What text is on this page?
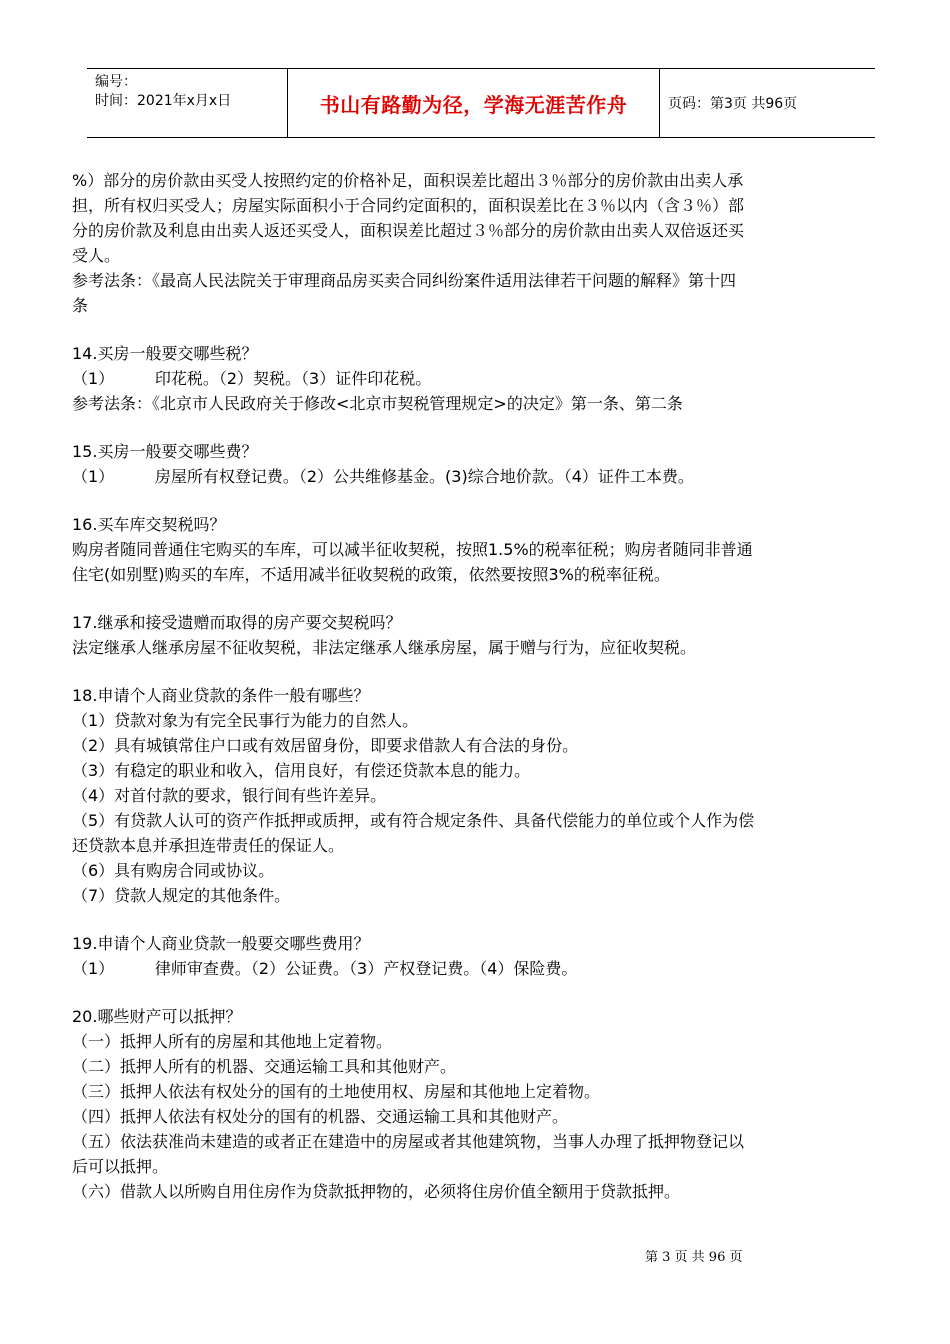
编号：
时间：2021年x月x日	书山有路勤为径，学海无涯苦作舟	页码：第3页 共96页

%）部分的房价款由买受人按照约定的价格补足，面积误差比超出３％部分的房价款由出卖人承

担，所有权归买受人；房屋实际面积小于合同约定面积的，面积误差比在３％以内（含３％）部

分的房价款及利息由出卖人返还买受人，面积误差比超过３％部分的房价款由出卖人双倍返还买

受人。

参考法条：《最高人民法院关于审理商品房买卖合同纠纷案件适用法律若干问题的解释》第十四

条

14.买房一般要交哪些税？

（1）        印花税。（2）契税。（3）证件印花税。

参考法条：《北京市人民政府关于修改<北京市契税管理规定>的决定》第一条、第二条

15.买房一般要交哪些费？

（1）        房屋所有权登记费。（2）公共维修基金。(3)综合地价款。（4）证件工本费。

16.买车库交契税吗？

购房者随同普通住宅购买的车库，可以减半征收契税，按照1.5%的税率征税；购房者随同非普通

住宅(如别墅)购买的车库，不适用减半征收契税的政策，依然要按照3%的税率征税。

17.继承和接受遗赠而取得的房产要交契税吗？

法定继承人继承房屋不征收契税，非法定继承人继承房屋，属于赠与行为，应征收契税。

18.申请个人商业贷款的条件一般有哪些？

（1）贷款对象为有完全民事行为能力的自然人。

（2）具有城镇常住户口或有效居留身份，即要求借款人有合法的身份。

（3）有稳定的职业和收入，信用良好，有偿还贷款本息的能力。

（4）对首付款的要求，银行间有些许差异。

（5）有贷款人认可的资产作抵押或质押，或有符合规定条件、具备代偿能力的单位或个人作为偿

还贷款本息并承担连带责任的保证人。

（6）具有购房合同或协议。

（7）贷款人规定的其他条件。

19.申请个人商业贷款一般要交哪些费用？

（1）        律师审查费。（2）公证费。（3）产权登记费。（4）保险费。

20.哪些财产可以抵押？

（一）抵押人所有的房屋和其他地上定着物。

（二）抵押人所有的机器、交通运输工具和其他财产。

（三）抵押人依法有权处分的国有的土地使用权、房屋和其他地上定着物。

（四）抵押人依法有权处分的国有的机器、交通运输工具和其他财产。

（五）依法获准尚未建造的或者正在建造中的房屋或者其他建筑物，当事人办理了抵押物登记以

后可以抵押。

（六）借款人以所购自用住房作为贷款抵押物的，必须将住房价值全额用于贷款抵押。

第 3 页 共 96 页
